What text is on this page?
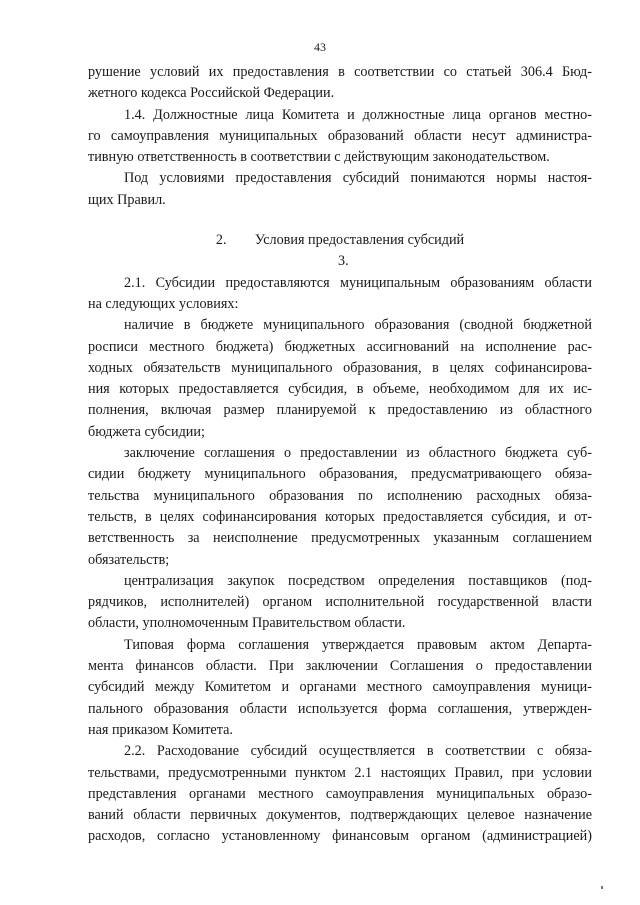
43
рушение условий их предоставления в соответствии со статьей 306.4 Бюд-
жетного кодекса Российской Федерации.
1.4. Должностные лица Комитета и должностные лица органов местно-
го самоуправления муниципальных образований области несут администра-
тивную ответственность в соответствии с действующим законодательством.
Под условиями предоставления субсидий понимаются нормы настоя-
щих Правил.
2.        Условия предоставления субсидий
3.
2.1. Субсидии предоставляются муниципальным образованиям области
на следующих условиях:
наличие в бюджете муниципального образования (сводной бюджетной
росписи местного бюджета) бюджетных ассигнований на исполнение рас-
ходных обязательств муниципального образования, в целях софинансирова-
ния которых предоставляется субсидия, в объеме, необходимом для их ис-
полнения, включая размер планируемой к предоставлению из областного
бюджета субсидии;
заключение соглашения о предоставлении из областного бюджета суб-
сидии бюджету муниципального образования, предусматривающего обяза-
тельства муниципального образования по исполнению расходных обяза-
тельств, в целях софинансирования которых предоставляется субсидия, и от-
ветственность за неисполнение предусмотренных указанным соглашением
обязательств;
централизация закупок посредством определения поставщиков (под-
рядчиков, исполнителей) органом исполнительной государственной власти
области, уполномоченным Правительством области.
Типовая форма соглашения утверждается правовым актом Департа-
мента финансов области. При заключении Соглашения о предоставлении
субсидий между Комитетом и органами местного самоуправления муници-
пального образования области используется форма соглашения, утвержден-
ная приказом Комитета.
2.2. Расходование субсидий осуществляется в соответствии с обяза-
тельствами, предусмотренными пунктом 2.1 настоящих Правил, при условии
представления органами местного самоуправления муниципальных образо-
ваний области первичных документов, подтверждающих целевое назначение
расходов, согласно установленному финансовым органом (администрацией)
